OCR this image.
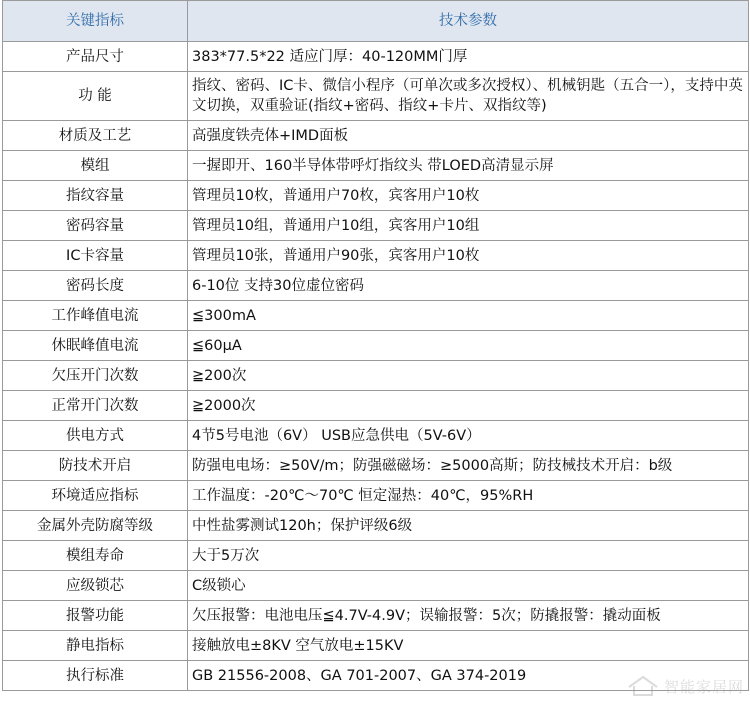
关键指标	技术参数
产品尺寸	383*77.5*22 适应门厚：40-120MM门厚
功 能	指纹、密码、IC卡、微信小程序（可单次或多次授权）、机械钥匙（五合一），支持中英文切换，双重验证(指纹+密码、指纹+卡片、双指纹等)
材质及工艺	高强度铁壳体+IMD面板
模组	一握即开、160半导体带呼灯指纹头 带LOED高清显示屏
指纹容量	管理员10枚，普通用户70枚，宾客用户10枚
密码容量	管理员10组，普通用户10组，宾客用户10组
IC卡容量	管理员10张，普通用户90张，宾客用户10枚
密码长度	6-10位 支持30位虚位密码
工作峰值电流	≦300mA
休眠峰值电流	≦60μA
欠压开门次数	≧200次
正常开门次数	≧2000次
供电方式	4节5号电池（6V） USB应急供电（5V-6V）
防技术开启	防强电电场：≥50V/m；防强磁磁场：≥5000高斯；防技械技术开启：b级
环境适应指标	工作温度：-20℃～70℃ 恒定湿热：40℃，95%RH
金属外壳防腐等级	中性盐雾测试120h；保护评级6级
模组寿命	大于5万次
应级锁芯	C级锁心
报警功能	欠压报警：电池电压≦4.7V-4.9V；误输报警：5次；防撬报警：撬动面板
静电指标	接触放电±8KV 空气放电±15KV
执行标准	GB 21556-2008、GA 701-2007、GA 374-2019
智能家居网
